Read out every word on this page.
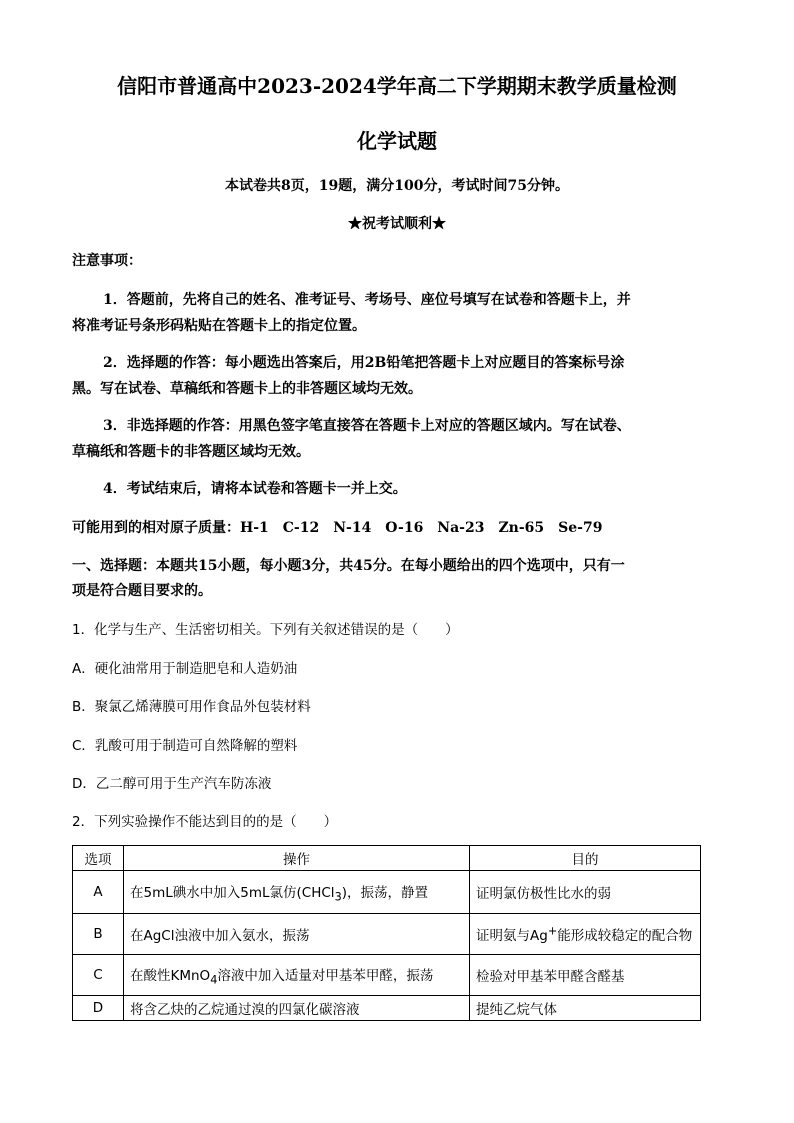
信阳市普通高中2023-2024学年高二下学期期末教学质量检测
化学试题
本试卷共8页，19题，满分100分，考试时间75分钟。
★祝考试顺利★
注意事项：
1．答题前，先将自己的姓名、准考证号、考场号、座位号填写在试卷和答题卡上，并
将准考证号条形码粘贴在答题卡上的指定位置。
2．选择题的作答：每小题选出答案后，用2B铅笔把答题卡上对应题目的答案标号涂
黑。写在试卷、草稿纸和答题卡上的非答题区域均无效。
3．非选择题的作答：用黑色签字笔直接答在答题卡上对应的答题区域内。写在试卷、
草稿纸和答题卡的非答题区域均无效。
4．考试结束后，请将本试卷和答题卡一并上交。
可能用到的相对原子质量：H-1　C-12　N-14　O-16　Na-23　Zn-65　Se-79
一、选择题：本题共15小题，每小题3分，共45分。在每小题给出的四个选项中，只有一
项是符合题目要求的。
1．化学与生产、生活密切相关。下列有关叙述错误的是（　　）
A．硬化油常用于制造肥皂和人造奶油
B．聚氯乙烯薄膜可用作食品外包装材料
C．乳酸可用于制造可自然降解的塑料
D．乙二醇可用于生产汽车防冻液
2．下列实验操作不能达到目的的是（　　）
选项	操作	目的
A	在5mL碘水中加入5mL氯仿(CHCl$_3$)，振荡，静置	证明氯仿极性比水的弱
B	在AgCl浊液中加入氨水，振荡	证明氨与Ag+能形成较稳定的配合物
C	在酸性KMnO$_4$溶液中加入适量对甲基苯甲醛，振荡	检验对甲基苯甲醛含醛基
D	将含乙炔的乙烷通过溴的四氯化碳溶液	提纯乙烷气体
